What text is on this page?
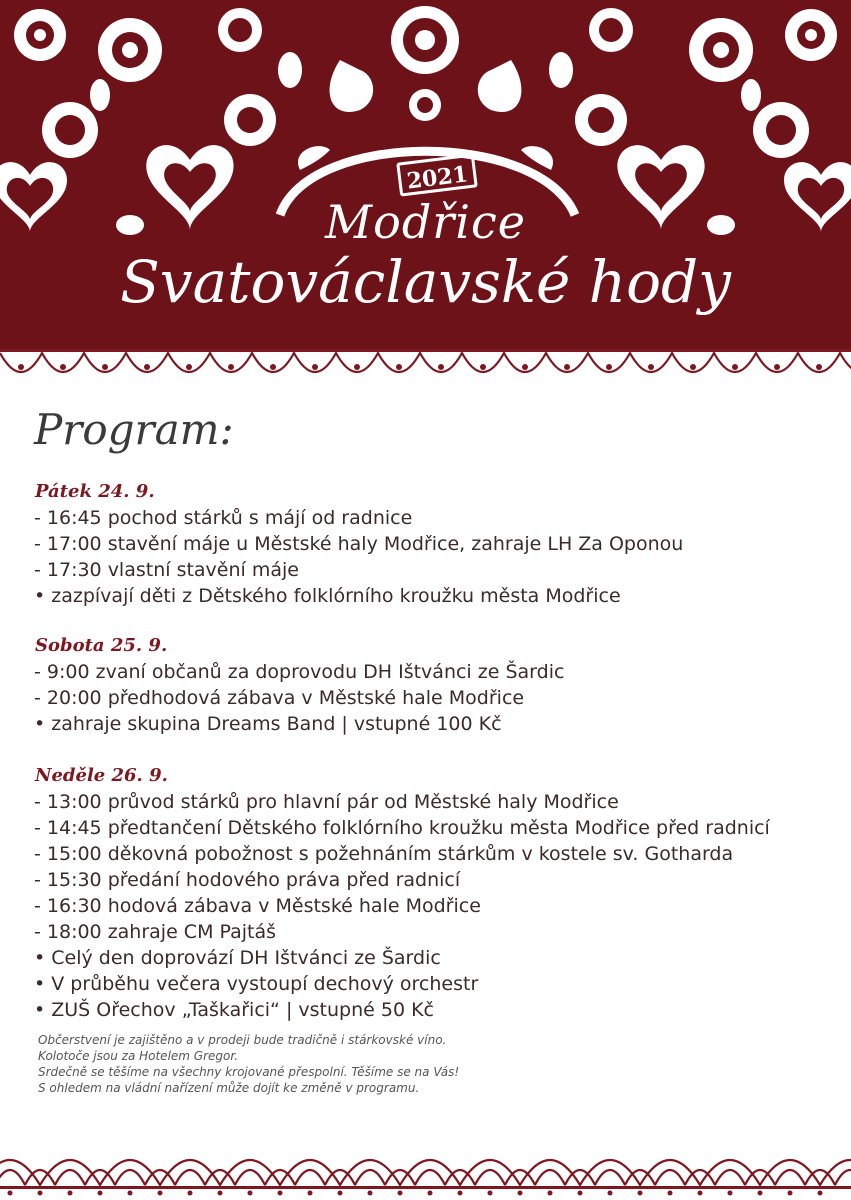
2021
Modřice
Svatováclavské hody
Program:
Pátek 24. 9.
- 16:45 pochod stárků s májí od radnice
- 17:00 stavění máje u Městské haly Modřice, zahraje LH Za Oponou
- 17:30 vlastní stavění máje
• zazpívají děti z Dětského folklórního kroužku města Modřice
Sobota 25. 9.
- 9:00 zvaní občanů za doprovodu DH Ištvánci ze Šardic
- 20:00 předhodová zábava v Městské hale Modřice
• zahraje skupina Dreams Band | vstupné 100 Kč
Neděle 26. 9.
- 13:00 průvod stárků pro hlavní pár od Městské haly Modřice
- 14:45 předtančení Dětského folklórního kroužku města Modřice před radnicí
- 15:00 děkovná pobožnost s požehnáním stárkům v kostele sv. Gotharda
- 15:30 předání hodového práva před radnicí
- 16:30 hodová zábava v Městské hale Modřice
- 18:00 zahraje CM Pajtáš
• Celý den doprovází DH Ištvánci ze Šardic
• V průběhu večera vystoupí dechový orchestr
• ZUŠ Ořechov „Taškařici“ | vstupné 50 Kč
Občerstvení je zajištěno a v prodeji bude tradičně i stárkovské víno.
Kolotoče jsou za Hotelem Gregor.
Srdečně se těšíme na všechny krojované přespolní. Těšíme se na Vás!
S ohledem na vládní nařízení může dojít ke změně v programu.
